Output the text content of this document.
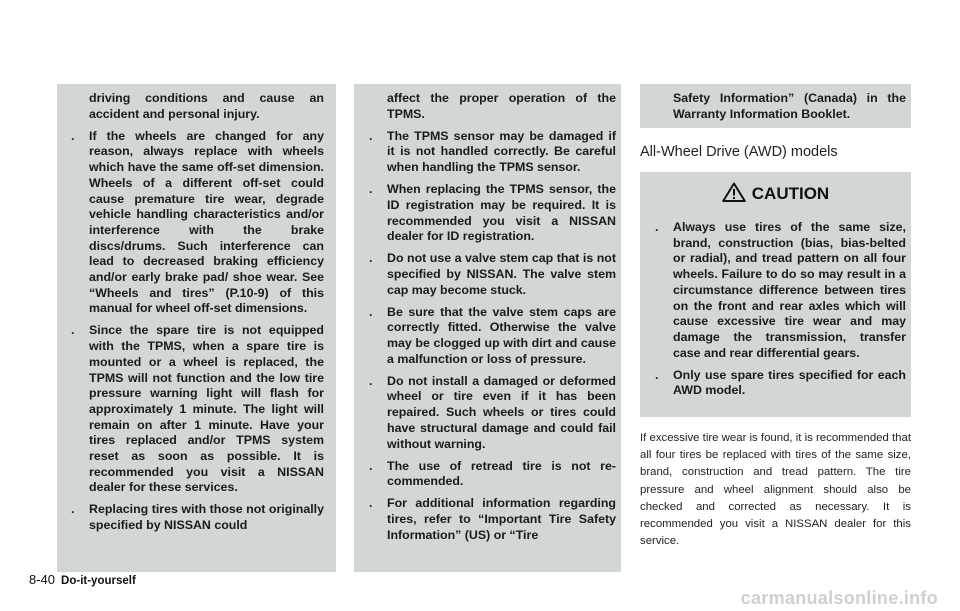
driving conditions and cause an accident and personal injury.
. If the wheels are changed for any reason, always replace with wheels which have the same off-set dimension. Wheels of a different off-set could cause premature tire wear, degrade vehicle handling characteristics and/or interference with the brake discs/drums. Such interference can lead to decreased braking efficiency and/or early brake pad/ shoe wear. See “Wheels and tires” (P.10-9) of this manual for wheel off-set dimensions.
. Since the spare tire is not equipped with the TPMS, when a spare tire is mounted or a wheel is replaced, the TPMS will not function and the low tire pressure warning light will flash for approximately 1 minute. The light will remain on after 1 minute. Have your tires replaced and/or TPMS system reset as soon as possible. It is recommended you visit a NISSAN dealer for these services.
. Replacing tires with those not originally specified by NISSAN could
affect the proper operation of the TPMS.
. The TPMS sensor may be damaged if it is not handled correctly. Be careful when handling the TPMS sensor.
. When replacing the TPMS sensor, the ID registration may be required. It is recommended you visit a NISSAN dealer for ID registration.
. Do not use a valve stem cap that is not specified by NISSAN. The valve stem cap may become stuck.
. Be sure that the valve stem caps are correctly fitted. Otherwise the valve may be clogged up with dirt and cause a malfunction or loss of pressure.
. Do not install a damaged or deformed wheel or tire even if it has been repaired. Such wheels or tires could have structural damage and could fail without warning.
. The use of retread tire is not recommended.
. For additional information regarding tires, refer to “Important Tire Safety Information” (US) or “Tire
Safety Information” (Canada) in the Warranty Information Booklet.
All-Wheel Drive (AWD) models
CAUTION
. Always use tires of the same size, brand, construction (bias, bias-belted or radial), and tread pattern on all four wheels. Failure to do so may result in a circumstance difference between tires on the front and rear axles which will cause excessive tire wear and may damage the transmission, transfer case and rear differential gears.
. Only use spare tires specified for each AWD model.
If excessive tire wear is found, it is recommended that all four tires be replaced with tires of the same size, brand, construction and tread pattern. The tire pressure and wheel alignment should also be checked and corrected as necessary. It is recommended you visit a NISSAN dealer for this service.
8-40 Do-it-yourself
carmanualsonline.info
